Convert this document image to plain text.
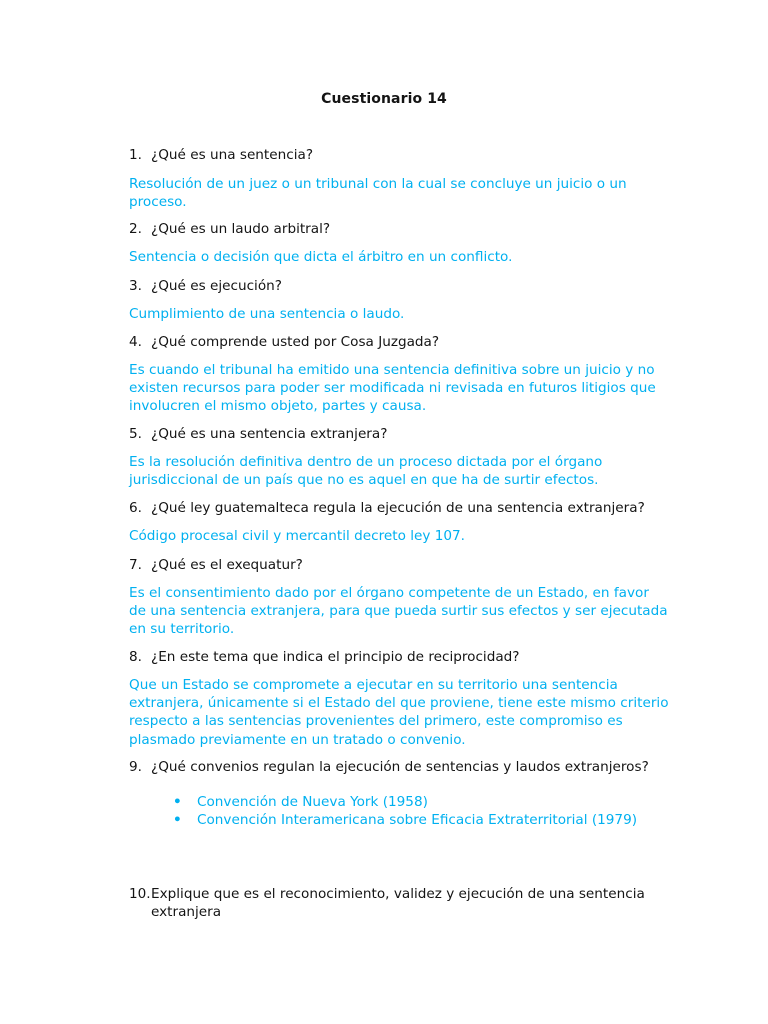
Cuestionario 14
1. ¿Qué es una sentencia?
Resolución de un juez o un tribunal con la cual se concluye un juicio o un proceso.
2. ¿Qué es un laudo arbitral?
Sentencia o decisión que dicta el árbitro en un conflicto.
3. ¿Qué es ejecución?
Cumplimiento de una sentencia o laudo.
4. ¿Qué comprende usted por Cosa Juzgada?
Es cuando el tribunal ha emitido una sentencia definitiva sobre un juicio y no existen recursos para poder ser modificada ni revisada en futuros litigios que involucren el mismo objeto, partes y causa.
5. ¿Qué es una sentencia extranjera?
Es la resolución definitiva dentro de un proceso dictada por el órgano jurisdiccional de un país que no es aquel en que ha de surtir efectos.
6. ¿Qué ley guatemalteca regula la ejecución de una sentencia extranjera?
Código procesal civil y mercantil decreto ley 107.
7. ¿Qué es el exequatur?
Es el consentimiento dado por el órgano competente de un Estado, en favor de una sentencia extranjera, para que pueda surtir sus efectos y ser ejecutada en su territorio.
8. ¿En este tema que indica el principio de reciprocidad?
Que un Estado se compromete a ejecutar en su territorio una sentencia extranjera, únicamente si el Estado del que proviene, tiene este mismo criterio respecto a las sentencias provenientes del primero, este compromiso es plasmado previamente en un tratado o convenio.
9. ¿Qué convenios regulan la ejecución de sentencias y laudos extranjeros?
• Convención de Nueva York (1958)
• Convención Interamericana sobre Eficacia Extraterritorial (1979)
10. Explique que es el reconocimiento, validez y ejecución de una sentencia extranjera
